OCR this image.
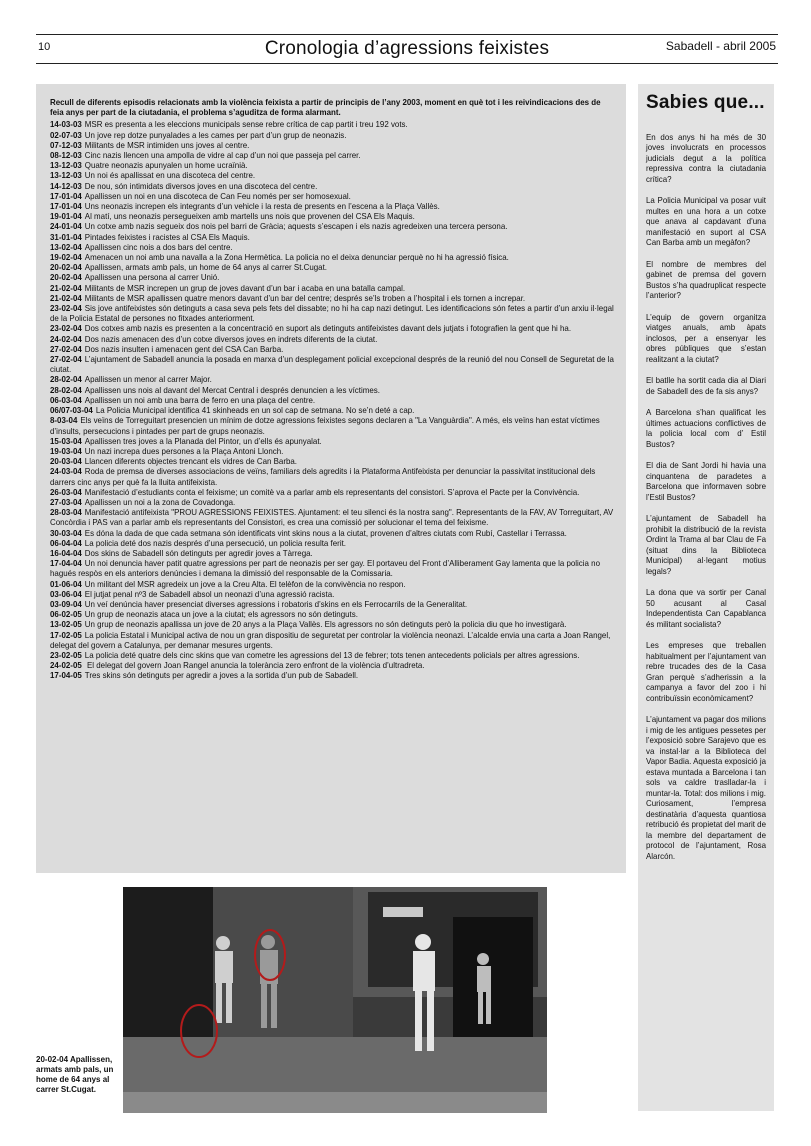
10	Cronologia d’agressions feixistes	Sabadell - abril 2005

Recull de diferents episodis relacionats amb la violència feixista a partir de principis de l’any 2003, moment en què tot i les reivindicacions des de feia anys per part de la ciutadania, el problema s’aguditza de forma alarmant.

14-03-03 MSR es presenta a les eleccions municipals sense rebre crítica de cap partit i treu 192 vots.

02-07-03 Un jove rep dotze punyalades a les cames per part d’un grup de neonazis.

07-12-03 Militants de MSR intimiden uns joves al centre.

08-12-03 Cinc nazis llencen una ampolla de vidre al cap d’un noi que passeja pel carrer.

13-12-03 Quatre neonazis apunyalen un home ucraïnià.

13-12-03 Un noi és apallissat en una discoteca del centre.

14-12-03 De nou, són intimidats diversos joves en una discoteca del centre.

17-01-04 Apallissen un noi en una discoteca de Can Feu només per ser homosexual.

17-01-04 Uns neonazis increpen els integrants d’un vehicle i la resta de presents en l’escena a la Plaça Vallès.

19-01-04 Al matí, uns neonazis persegueixen amb martells uns nois que provenen del CSA Els Maquis.

24-01-04 Un cotxe amb nazis segueix dos nois pel barri de Gràcia; aquests s’escapen i els nazis agredeixen una tercera persona.

31-01-04 Pintades feixistes i racistes al CSA Els Maquis.

13-02-04 Apallissen cinc nois a dos bars del centre.

19-02-04 Amenacen un noi amb una navalla a la Zona Hermètica. La policia no el deixa denunciar perquè no hi ha agressió física.

20-02-04 Apallissen, armats amb pals, un home de 64 anys al carrer St.Cugat.

20-02-04 Apallissen una persona al carrer Unió.

21-02-04 Militants de MSR increpen un grup de joves davant d’un bar i acaba en una batalla campal.

21-02-04 Militants de MSR apallissen quatre menors davant d’un bar del centre; després se’ls troben a l’hospital i els tornen a increpar.

23-02-04 Sis jove antifeixistes són detinguts a casa seva pels fets del dissabte; no hi ha cap nazi detingut. Les identificacions són fetes a partir d’un arxiu il·legal de la Policia Estatal de persones no fitxades anteriorment.

23-02-04 Dos cotxes amb nazis es presenten a la concentració en suport als detinguts antifeixistes davant dels jutjats i fotografien la gent que hi ha.

24-02-04 Dos nazis amenacen des d’un cotxe diversos joves en indrets diferents de la ciutat.

27-02-04 Dos nazis insulten i amenacen gent del CSA Can Barba.

27-02-04 L’ajuntament de Sabadell anuncia la posada en marxa d’un desplegament policial excepcional després de la reunió del nou Consell de Seguretat de la ciutat.

28-02-04 Apallissen un menor al carrer Major.

28-02-04 Apallissen uns nois al davant del Mercat Central i després denuncien a les víctimes.

06-03-04 Apallissen un noi amb una barra de ferro en una plaça del centre.

06/07-03-04 La Policia Municipal identifica 41 skinheads en un sol cap de setmana. No se’n deté a cap.

8-03-04 Els veïns de Torreguitart presencien un mínim de dotze agressions feixistes segons declaren a "La Vanguàrdia". A més, els veïns han estat víctimes d’insults, persecucions i pintades per part de grups neonazis.

15-03-04 Apallissen tres joves a la Planada del Pintor, un d’ells és apunyalat.

19-03-04 Un nazi increpa dues persones a la Plaça Antoni Llonch.

20-03-04 Llancen diferents objectes trencant els vidres de Can Barba.

24-03-04 Roda de premsa de diverses associacions de veïns, familiars dels agredits i la Plataforma Antifeixista per denunciar la passivitat institucional dels darrers cinc anys per què fa la lluita antifeixista.

26-03-04 Manifestació d’estudiants conta el feixisme; un comitè va a parlar amb els representants del consistori. S’aprova el Pacte per la Convivència.

27-03-04 Apallissen un noi a la zona de Covadonga.

28-03-04 Manifestació antifeixista "PROU AGRESSIONS FEIXISTES. Ajuntament: el teu silenci és la nostra sang". Representants de la FAV, AV Torreguitart, AV Concòrdia i PAS van a parlar amb els representants del Consistori, es crea una comissió per solucionar el tema del feixisme.

30-03-04 Es dóna la dada de que cada setmana són identificats vint skins nous a la ciutat, provenen d’altres ciutats com Rubí, Castellar i Terrassa.

06-04-04 La policia deté dos nazis després d’una persecució, un policia resulta ferit.

16-04-04 Dos skins de Sabadell són detinguts per agredir joves a Tàrrega.

17-04-04 Un noi denuncia haver patit quatre agressions per part de neonazis per ser gay. El portaveu del Front d’Alliberament Gay lamenta que la policia no hagués respòs en els anteriors denúncies i demana la dimissió del responsable de la Comissaria.

01-06-04 Un militant del MSR agredeix un jove a la Creu Alta. El telèfon de la convivència no respon.

03-06-04 El jutjat penal nº3 de Sabadell absol un neonazi d’una agressió racista.

03-09-04 Un veí denúncia haver presenciat diverses agressions i robatoris d’skins en els Ferrocarrils de la Generalitat.

06-02-05 Un grup de neonazis ataca un jove a la ciutat; els agressors no són detinguts.

13-02-05 Un grup de neonazis apallissa un jove de 20 anys a la Plaça Vallès. Els agressors no són detinguts però la policia diu que ho investigarà.

17-02-05 La policia Estatal i Municipal activa de nou un gran dispositiu de seguretat per controlar la violència neonazi. L’alcalde envia una carta a Joan Rangel, delegat del govern a Catalunya, per demanar mesures urgents.

23-02-05 La policia deté quatre dels cinc skins que van cometre les agressions del 13 de febrer; tots tenen antecedents policials per altres agressions.

24-02-05 El delegat del govern Joan Rangel anuncia la tolerància zero enfront de la violència d’ultradreta.

17-04-05 Tres skins són detinguts per agredir a joves a la sortida d’un pub de Sabadell.

Sabies que...

En dos anys hi ha més de 30 joves involucrats en processos judicials degut a la política repressiva contra la ciutadania crítica?

La Policia Municipal va posar vuit multes en una hora a un cotxe que anava al capdavant d’una manifestació en suport al CSA Can Barba amb un megàfon?

El nombre de membres del gabinet de premsa del govern Bustos s’ha quadruplicat respecte l’anterior?

L’equip de govern organitza viatges anuals, amb àpats inclosos, per a ensenyar les obres públiques que s’estan realitzant a la ciutat?

El batlle ha sortit cada dia al Diari de Sabadell des de fa sis anys?

A Barcelona s’han qualificat les últimes actuacions conflictives de la policia local com d’ Estil Bustos?

El dia de Sant Jordi hi havia una cinquantena de paradetes a Barcelona que informaven sobre l’Estil Bustos?

L’ajuntament de Sabadell ha prohibit la distribució de la revista Ordint la Trama al bar Clau de Fa (situat dins la Biblioteca Municipal) al·legant motius legals?

La dona que va sortir per Canal 50 acusant al Casal Independentista Can Capablanca és militant socialista?

Les empreses que treballen habitualment per l’ajuntament van rebre trucades des de la Casa Gran perquè s’adherissin a la campanya a favor del zoo i hi contribuïssin econòmicament?

L’ajuntament va pagar dos milions i mig de les antigues pessetes per l’exposició sobre Sarajevo que es va instal·lar a la Biblioteca del Vapor Badia. Aquesta exposició ja estava muntada a Barcelona i tan sols va caldre traslladar-la i muntar-la. Total: dos milions i mig. Curiosament, l’empresa destinatària d’aquesta quantiosa retribució és propietat del marit de la membre del departament de protocol de l’ajuntament, Rosa Alarcón.

20-02-04 Apallissen, armats amb pals, un home de 64 anys al carrer St.Cugat.
